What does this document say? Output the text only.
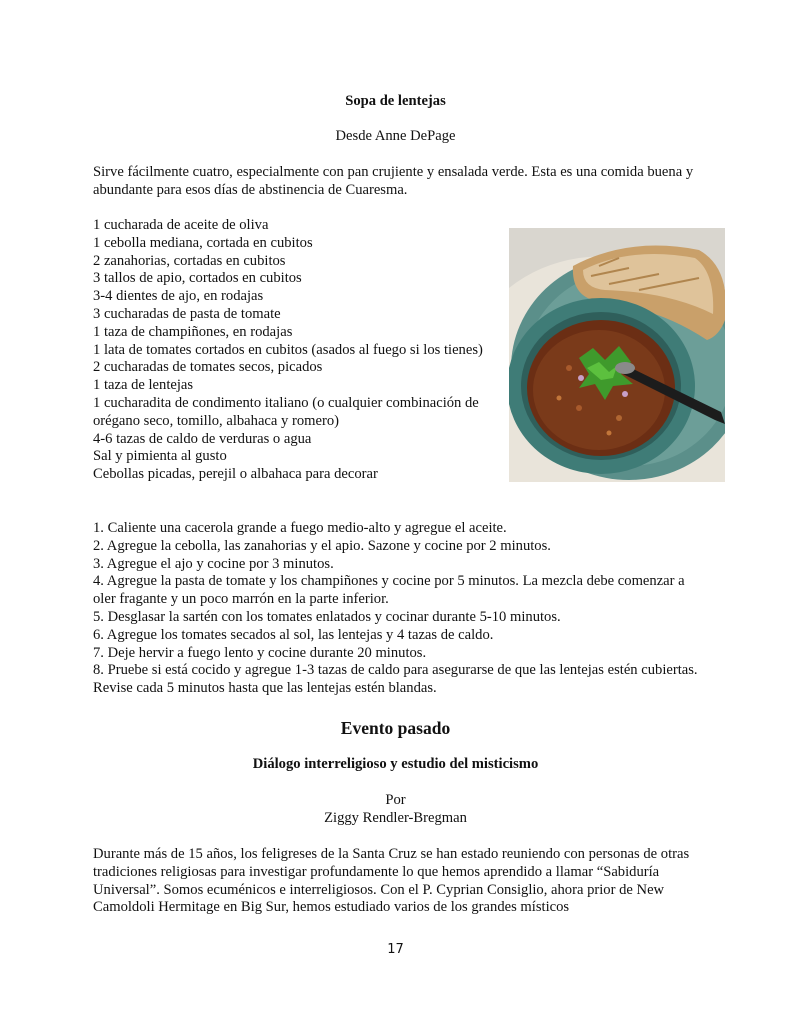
Sopa de lentejas
Desde Anne DePage
Sirve fácilmente cuatro, especialmente con pan crujiente y ensalada verde. Esta es una comida buena y abundante para esos días de abstinencia de Cuaresma.
1 cucharada de aceite de oliva
1 cebolla mediana, cortada en cubitos
2 zanahorias, cortadas en cubitos
3 tallos de apio, cortados en cubitos
3-4 dientes de ajo, en rodajas
3 cucharadas de pasta de tomate
1 taza de champiñones, en rodajas
1 lata de tomates cortados en cubitos (asados al fuego si los tienes)
2 cucharadas de tomates secos, picados
1 taza de lentejas
1 cucharadita de condimento italiano (o cualquier combinación de orégano seco, tomillo, albahaca y romero)
4-6 tazas de caldo de verduras o agua
Sal y pimienta al gusto
Cebollas picadas, perejil o albahaca para decorar
1. Caliente una cacerola grande a fuego medio-alto y agregue el aceite.
2. Agregue la cebolla, las zanahorias y el apio. Sazone y cocine por 2 minutos.
3. Agregue el ajo y cocine por 3 minutos.
4. Agregue la pasta de tomate y los champiñones y cocine por 5 minutos. La mezcla debe comenzar a oler fragante y un poco marrón en la parte inferior.
5. Desglasar la sartén con los tomates enlatados y cocinar durante 5-10 minutos.
6. Agregue los tomates secados al sol, las lentejas y 4 tazas de caldo.
7. Deje hervir a fuego lento y cocine durante 20 minutos.
8. Pruebe si está cocido y agregue 1-3 tazas de caldo para asegurarse de que las lentejas estén cubiertas. Revise cada 5 minutos hasta que las lentejas estén blandas.
Evento pasado
Diálogo interreligioso y estudio del misticismo
Por
Ziggy Rendler-Bregman
Durante más de 15 años, los feligreses de la Santa Cruz se han estado reuniendo con personas de otras tradiciones religiosas para investigar profundamente lo que hemos aprendido a llamar “Sabiduría Universal”. Somos ecuménicos e interreligiosos. Con el P. Cyprian Consiglio, ahora prior de New Camoldoli Hermitage en Big Sur, hemos estudiado varios de los grandes místicos
17
